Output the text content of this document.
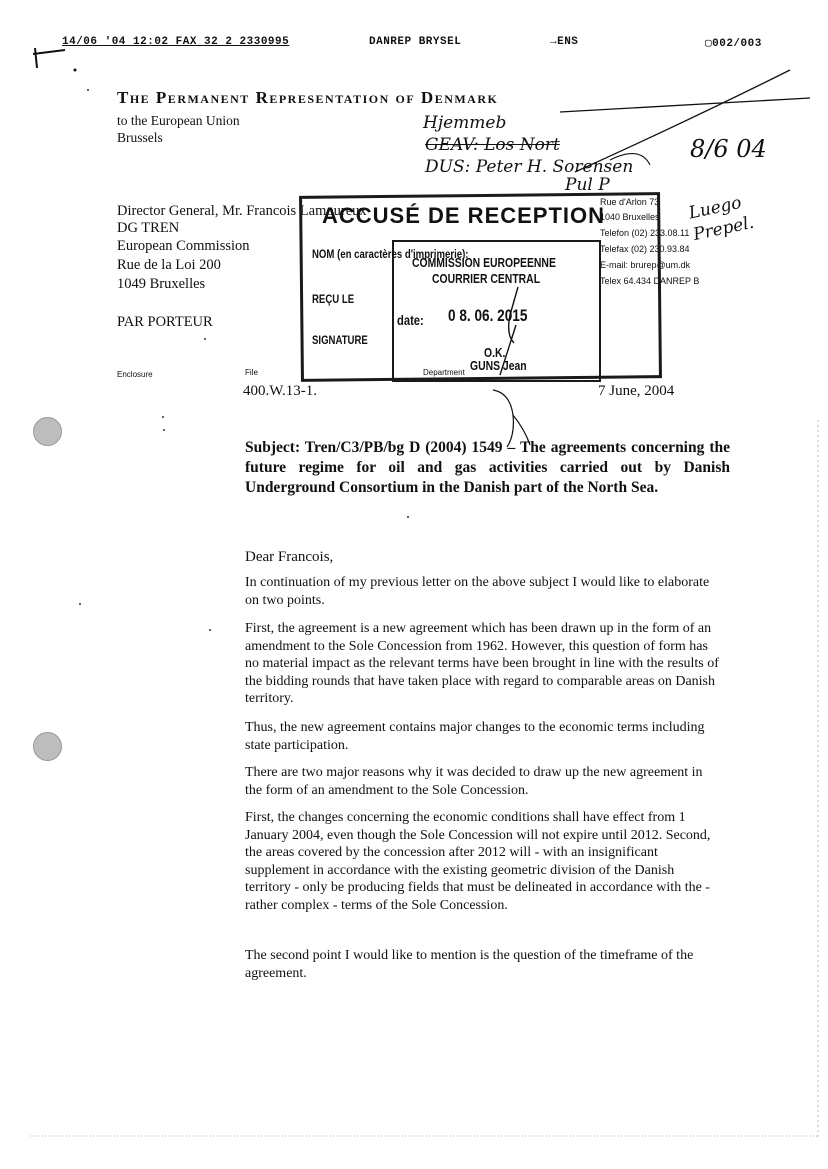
14/06 '04 12:02 FAX 32 2 2330995	DANREP BRYSEL	→ENS	▢002/003
The Permanent Representation of Denmark
to the European Union
Brussels
Hjemmeb
GEAV: Los Nort
DUS: Peter H. Sorensen
Pul P
8/6 04
Luego Prepel.
Director General, Mr. Francois Lamoureux
DG TREN
European Commission
Rue de la Loi 200
1049 Bruxelles
PAR PORTEUR
Rue d'Arlon 73
1040 Bruxelles
Telefon (02) 233.08.11
Telefax (02) 230.93.84
E-mail: brurep@um.dk
Telex 64.434 DANREP B
ACCUSÉ DE RECEPTION
NOM (en caractères d'imprimerie):
COMMISSION EUROPEENNE
COURRIER CENTRAL
REÇU LE
date: 0 8. 06. 2015
SIGNATURE
O.K.
GUNS Jean
Enclosure	File	Department
400.W.13-1.	7 June, 2004
Subject: Tren/C3/PB/bg D (2004) 1549 – The agreements concerning the future regime for oil and gas activities carried out by Danish Underground Consortium in the Danish part of the North Sea.
Dear Francois,
In continuation of my previous letter on the above subject I would like to elaborate on two points.
First, the agreement is a new agreement which has been drawn up in the form of an amendment to the Sole Concession from 1962. However, this question of form has no material impact as the relevant terms have been brought in line with the results of the bidding rounds that have taken place with regard to comparable areas on Danish territory.
Thus, the new agreement contains major changes to the economic terms including state participation.
There are two major reasons why it was decided to draw up the new agreement in the form of an amendment to the Sole Concession.
First, the changes concerning the economic conditions shall have effect from 1 January 2004, even though the Sole Concession will not expire until 2012. Second, the areas covered by the concession after 2012 will - with an insignificant supplement in accordance with the existing geometric division of the Danish territory - only be producing fields that must be delineated in accordance with the - rather complex - terms of the Sole Concession.
The second point I would like to mention is the question of the timeframe of the agreement.
